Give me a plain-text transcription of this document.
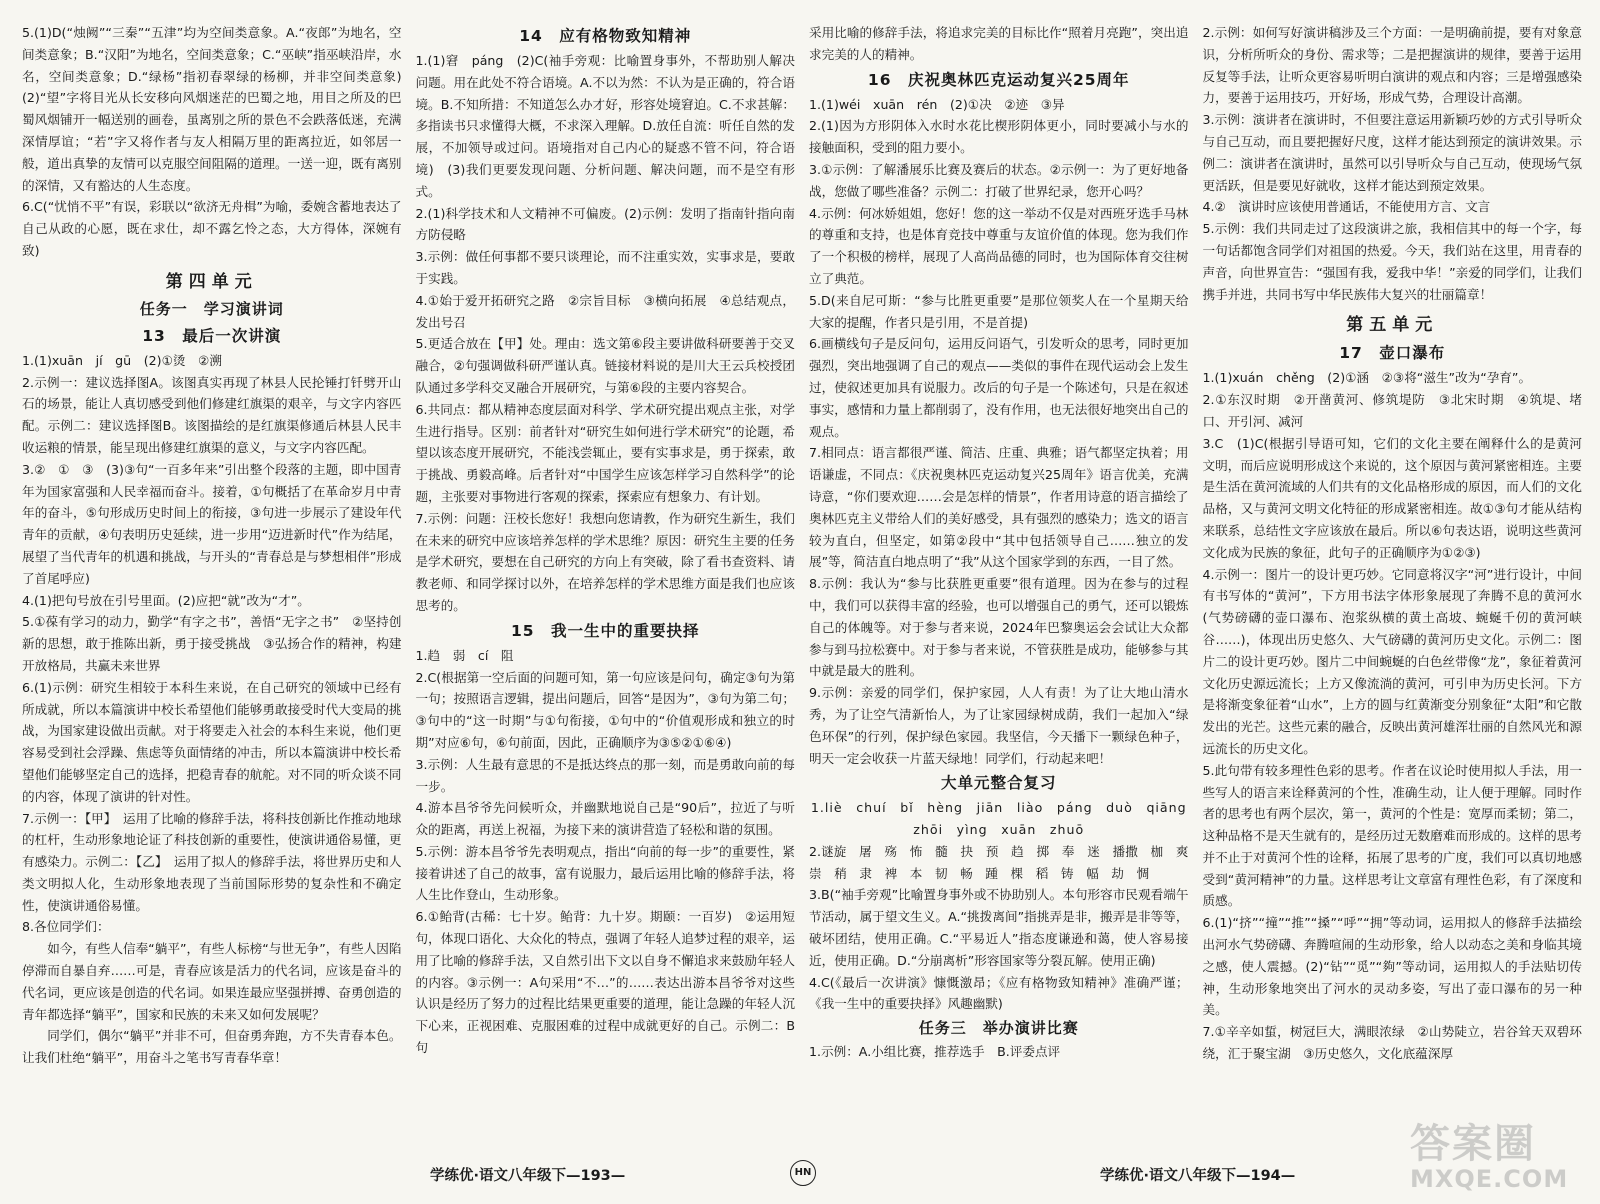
5.(1)D(“烛阙”“三秦”“五津”均为空间类意象。A.“夜郎”为地名，空间类意象；B.“汉阳”为地名，空间类意象；C.“巫峡”指巫峡沿岸，水名，空间类意象；D.“绿杨”指初春翠绿的杨柳，并非空间类意象)　(2)“望”字将目光从长安移向风烟迷茫的巴蜀之地，用目之所及的巴蜀风烟铺开一幅送别的画卷，虽离别之所的景色不会跌落低迷，充满深情厚谊；“若”字又将作者与友人相隔万里的距离拉近，如邻居一般，道出真挚的友情可以克服空间阻隔的道理。一送一迎，既有离别的深情，又有豁达的人生态度。
6.C(“忧悄不平”有误，彩联以“欲济无舟楫”为喻，委婉含蓄地表达了自己从政的心愿，既在求仕，却不露乞怜之态，大方得体，深婉有致)
第四单元
任务一　学习演讲词
13　最后一次讲演
1.(1)xuān　jí　gū　(2)①烫　②溯
2.示例一：建议选择图A。该图真实再现了林县人民抡锤打钎劈开山石的场景，能让人真切感受到他们修建红旗渠的艰辛，与文字内容匹配。示例二：建议选择图B。该图描绘的是红旗渠修通后林县人民丰收运粮的情景，能呈现出修建红旗渠的意义，与文字内容匹配。
3.②　①　③　(3)③句“一百多年来”引出整个段落的主题，即中国青年为国家富强和人民幸福而奋斗。接着，①句概括了在革命岁月中青年的奋斗，⑤句形成历史时间上的衔接，③句进一步展示了建设年代青年的贡献，④句表明历史延续，进一步用“迈进新时代”作为结尾，展望了当代青年的机遇和挑战，与开头的“青春总是与梦想相伴”形成了首尾呼应)
4.(1)把句号放在引号里面。(2)应把“就”改为“才”。
5.①葆有学习的动力，勤学“有字之书”，善悟“无字之书”　②坚持创新的思想，敢于推陈出新，勇于接受挑战　③弘扬合作的精神，构建开放格局，共赢未来世界
6.(1)示例：研究生相较于本科生来说，在自己研究的领域中已经有所成就，所以本篇演讲中校长希望他们能够勇敢接受时代大变局的挑战，为国家建设做出贡献。对于将要走入社会的本科生来说，他们更容易受到社会浮躁、焦虑等负面情绪的冲击，所以本篇演讲中校长希望他们能够坚定自己的选择，把稳青春的航舵。对不同的听众谈不同的内容，体现了演讲的针对性。
7.示例一：【甲】　运用了比喻的修辞手法，将科技创新比作推动地球的杠杆，生动形象地论证了科技创新的重要性，使演讲通俗易懂，更有感染力。示例二：【乙】　运用了拟人的修辞手法，将世界历史和人类文明拟人化，生动形象地表现了当前国际形势的复杂性和不确定性，使演讲通俗易懂。
8.各位同学们：
　　如今，有些人信奉“躺平”，有些人标榜“与世无争”，有些人因陷停滞而自暴自弃……可是，青春应该是活力的代名词，应该是奋斗的代名词，更应该是创造的代名词。如果连最应坚强拼搏、奋勇创造的青年都选择“躺平”，国家和民族的未来又如何发展呢？
　　同学们，偶尔“躺平”并非不可，但奋勇奔跑，方不失青春本色。让我们杜绝“躺平”，用奋斗之笔书写青春华章！
14　应有格物致知精神
1.(1)窘　páng　(2)C(袖手旁观：比喻置身事外，不帮助别人解决问题。用在此处不符合语境。A.不以为然：不认为是正确的，符合语境。B.不知所措：不知道怎么办才好，形容处境窘迫。C.不求甚解：多指读书只求懂得大概，不求深入理解。D.放任自流：听任自然的发展，不加领导或过问。语境指对自己内心的疑惑不管不问，符合语境)　(3)我们更要发现问题、分析问题、解决问题，而不是空有形式。
2.(1)科学技术和人文精神不可偏废。(2)示例：发明了指南针指向南方防侵略
3.示例：做任何事都不要只谈理论，而不注重实效，实事求是，要敢于实践。
4.①始于爱开拓研究之路　②宗旨目标　③横向拓展　④总结观点，发出号召
5.更适合放在【甲】处。理由：选文第⑥段主要讲做科研要善于交叉融合，②句强调做科研严谨认真。链接材料说的是川大王云兵校授团队通过多学科交叉融合开展研究，与第⑥段的主要内容契合。
6.共同点：都从精神态度层面对科学、学术研究提出观点主张，对学生进行指导。区别：前者针对“研究生如何进行学术研究”的论题，希望以该态度开展研究，不能浅尝辄止，要有实事求是，勇于探索，敢于挑战、勇毅高峰。后者针对“中国学生应该怎样学习自然科学”的论题，主张要对事物进行客观的探索，探索应有想象力、有计划。
7.示例：问题：汪校长您好！我想向您请教，作为研究生新生，我们在未来的研究中应该培养怎样的学术思维？原因：研究生主要的任务是学术研究，要想在自己研究的方向上有突破，除了看书查资料、请教老师、和同学探讨以外，在培养怎样的学术思维方面是我们也应该思考的。
15　我一生中的重要抉择
1.趋　弱　cí　阻
2.C(根据第一空后面的问题可知，第一句应该是问句，确定③句为第一句；按照语言逻辑，提出问题后，回答“是因为”，③句为第二句；③句中的“这一时期”与①句衔接，①句中的“价值观形成和独立的时期”对应⑥句，⑥句前面，因此，正确顺序为③⑤②①⑥④)
3.示例：人生最有意思的不是抵达终点的那一刻，而是勇敢向前的每一步。
4.游本昌爷爷先问候听众，并幽默地说自己是“90后”，拉近了与听众的距离，再送上祝福，为接下来的演讲营造了轻松和谐的氛围。
5.示例：游本昌爷爷先表明观点，指出“向前的每一步”的重要性，紧接着讲述了自己的故事，富有说服力，最后运用比喻的修辞手法，将人生比作登山，生动形象。
6.①鲐背(古稀：七十岁。鲐背：九十岁。期颐：一百岁)　②运用短句，体现口语化、大众化的特点，强调了年轻人追梦过程的艰辛，运用了比喻的修辞手法，又自然引出下文以自身不懈追求来鼓励年轻人的内容。③示例一：A句采用“不…”的……表达出游本昌爷爷对这些认识是经历了努力的过程比结果更重要的道理，能让急躁的年轻人沉下心来，正视困难、克服困难的过程中成就更好的自己。示例二：B句
采用比喻的修辞手法，将追求完美的目标比作“照着月亮跑”，突出追求完美的人的精神。
16　庆祝奥林匹克运动复兴25周年
1.(1)wéi　xuān　rén　(2)①决　②迹　③异
2.(1)因为方形阴体入水时水花比楔形阴体更小，同时要减小与水的接触面积，受到的阻力要小。
3.①示例：了解潘展乐比赛及赛后的状态。②示例一：为了更好地备战，您做了哪些准备？示例二：打破了世界纪录，您开心吗？
4.示例：何冰娇姐姐，您好！您的这一举动不仅是对西班牙选手马林的尊重和支持，也是体育竞技中尊重与友谊价值的体现。您为我们作了一个积极的榜样，展现了人高尚品德的同时，也为国际体育交往树立了典范。
5.D(来自尼可斯：“参与比胜更重要”是那位领奖人在一个星期天给大家的提醒，作者只是引用，不是首提)
6.画横线句子是反问句，运用反问语气，引发听众的思考，同时更加强烈，突出地强调了自己的观点——类似的事件在现代运动会上发生过，使叙述更加具有说服力。改后的句子是一个陈述句，只是在叙述事实，感情和力量上都削弱了，没有作用，也无法很好地突出自己的观点。
7.相同点：语言都很严谨、简洁、庄重、典雅；语气都坚定执着；用语谦虚，不同点：《庆祝奥林匹克运动复兴25周年》语言优美，充满诗意，“你们要欢迎……会是怎样的情景”，作者用诗意的语言描绘了奥林匹克主义带给人们的美好感受，具有强烈的感染力；选文的语言较为直白，但坚定，如第②段中“其中包括领导自己……独立的发展”等，简洁直白地点明了“我”从这个国家学到的东西，一目了然。
8.示例：我认为“参与比获胜更重要”很有道理。因为在参与的过程中，我们可以获得丰富的经验，也可以增强自己的勇气，还可以锻炼自己的体魄等。对于参与者来说，2024年巴黎奥运会会试让大众都参与到马拉松赛中。对于参与者来说，不管获胜是成功，能够参与其中就是最大的胜利。
9.示例：亲爱的同学们，保护家园，人人有责！为了让大地山清水秀，为了让空气清新怡人，为了让家园绿树成荫，我们一起加入“绿色环保”的行列，保护绿色家园。我坚信，今天播下一颗绿色种子，明天一定会收获一片蓝天绿地！同学们，行动起来吧！
大单元整合复习
1.liè　chuí　bǐ　hèng　jiān　liào　páng　duò　qiāng　zhōi　yìng　xuān　zhuō
2.谜旋　屠　殇　怖　髓　抉　预　趋　掷　奉　迷　播撒　枷　爽　崇　稍　隶　裨　本　韧　畅　踵　棵　稻　铸　幅　劫　惆
3.B(“袖手旁观”比喻置身事外或不协助别人。本句形容市民观看端午节活动，属于望文生义。A.“挑拨离间”指挑弄是非，搬弄是非等等，破坏团结，使用正确。C.“平易近人”指态度谦逊和蔼，使人容易接近，使用正确。D.“分崩离析”形容国家等分裂瓦解。使用正确)
4.C(《最后一次讲演》慷慨激昂；《应有格物致知精神》准确严谨；《我一生中的重要抉择》风趣幽默)
任务三　举办演讲比赛
1.示例：A.小组比赛，推荐选手　B.评委点评
2.示例：如何写好演讲稿涉及三个方面：一是明确前提，要有对象意识，分析所听众的身份、需求等；二是把握演讲的规律，要善于运用反复等手法，让听众更容易听明白演讲的观点和内容；三是增强感染力，要善于运用技巧，开好场，形成气势，合理设计高潮。
3.示例：演讲者在演讲时，不但要注意运用新颖巧妙的方式引导听众与自己互动，而且要把握好尺度，这样才能达到预定的演讲效果。示例二：演讲者在演讲时，虽然可以引导听众与自己互动，使现场气氛更活跃，但是要见好就收，这样才能达到预定效果。
4.②　演讲时应该使用普通话，不能使用方言、文言
5.示例：我们共同走过了这段演讲之旅，我相信其中的每一个字，每一句话都饱含同学们对祖国的热爱。今天，我们站在这里，用青春的声音，向世界宣告：“强国有我，爱我中华！”亲爱的同学们，让我们携手并进，共同书写中华民族伟大复兴的壮丽篇章！
第五单元
17　壶口瀑布
1.(1)xuán　chěng　(2)①涵　②③将“滋生”改为“孕育”。
2.①东汉时期　②开凿黄河、修筑堤防　③北宋时期　④筑堤、堵口、开引河、减河
3.C　(1)C(根据引导语可知，它们的文化主要在阐释什么的是黄河文明，而后应说明形成这个来说的，这个原因与黄河紧密相连。主要是生活在黄河流域的人们共有的文化品格形成的原因，而人们的文化品格，又与黄河文明文化特征的形成紧密相连。故①③句才能从结构来联系，总结性文字应该放在最后。所以⑥句表达语，说明这些黄河文化成为民族的象征，此句子的正确顺序为①②③)
4.示例一：图片一的设计更巧妙。它同意将汉字“河”进行设计，中间有书写体的“黄河”，下方用书法字体形象展现了奔腾不息的黄河水(气势磅礴的壶口瀑布、泡浆纵横的黄土高坡、蜿蜒千仞的黄河峡谷……)，体现出历史悠久、大气磅礴的黄河历史文化。示例二：图片二的设计更巧妙。图片二中间蜿蜒的白色丝带像“龙”，象征着黄河文化历史源远流长；上方又像流淌的黄河，可引申为历史长河。下方是将渐变象征着“山水”，上方的圆与红黄渐变分别象征“太阳”和它散发出的光芒。这些元素的融合，反映出黄河雄浑壮丽的自然风光和源远流长的历史文化。
5.此句带有较多理性色彩的思考。作者在议论时使用拟人手法，用一些写人的语言来诠释黄河的个性，准确生动，让人便于理解。同时作者的思考也有两个层次，第一，黄河的个性是：宽厚而柔韧；第二，这种品格不是天生就有的，是经历过无数磨难而形成的。这样的思考并不止于对黄河个性的诠释，拓展了思考的广度，我们可以真切地感受到“黄河精神”的力量。这样思考让文章富有理性色彩，有了深度和质感。
6.(1)“挤”“撞”“推”“搡”“呼”“拥”等动词，运用拟人的修辞手法描绘出河水气势磅礴、奔腾喧闹的生动形象，给人以动态之美和身临其境之感，使人震撼。(2)“钻”“觅”“夠”等动词，运用拟人的手法贴切传神，生动形象地突出了河水的灵动多姿，写出了壶口瀑布的另一种美。
7.①辛辛如蜇，树冠巨大，满眼浓绿　②山势陡立，岩谷耸天双碧环绕，汇于聚宝湖　③历史悠久，文化底蕴深厚
学练优·语文八年级下—193—	HN	学练优·语文八年级下—194—
答案圈
MXQE.COM
